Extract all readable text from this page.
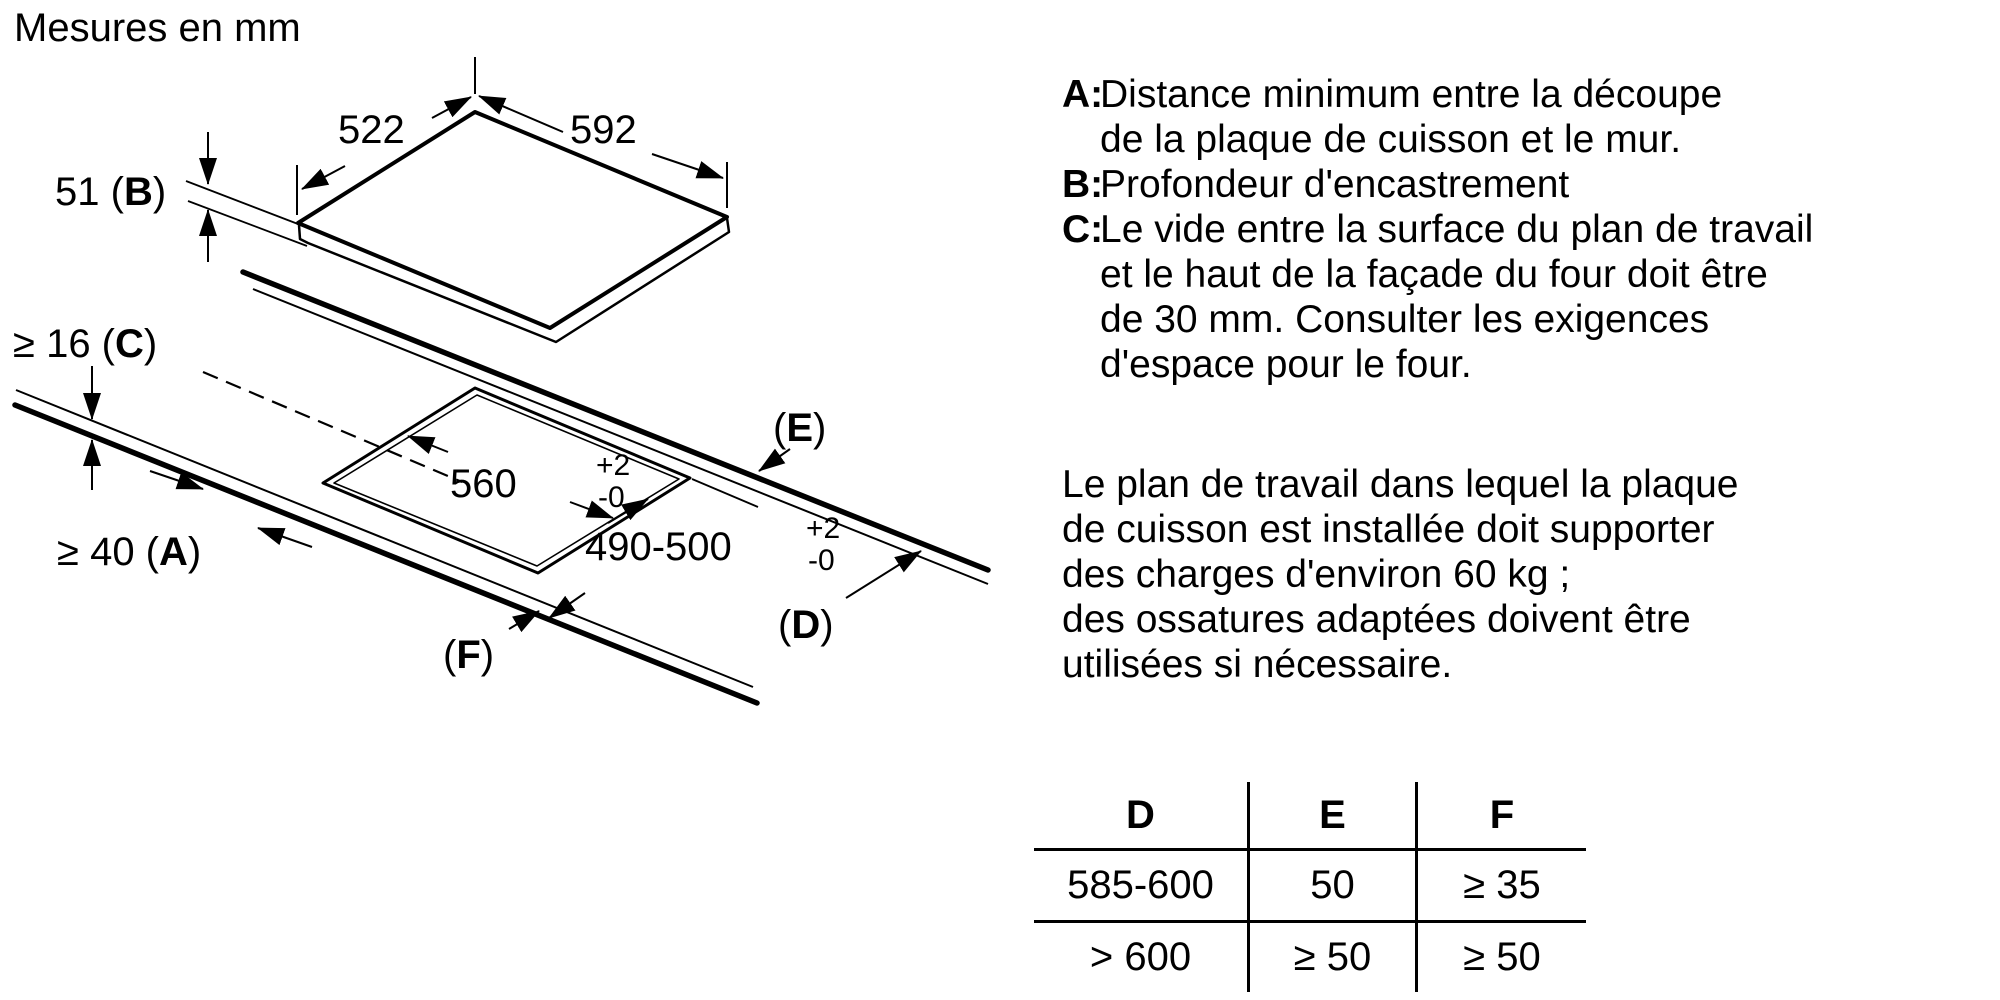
Mesures en mm
522	592
51 (B)
≥ 16 (C)
≥ 40 (A)
560	+2
-0
490-500 +2
-0
(E)
(D)
(F)
A:
Distance minimum entre la découpe
de la plaque de cuisson et le mur.
B:
Profondeur d'encastrement
C:
Le vide entre la surface du plan de travail
et le haut de la façade du four doit être
de 30 mm. Consulter les exigences
d'espace pour le four.
Le plan de travail dans lequel la plaque
de cuisson est installée doit supporter
des charges d'environ 60 kg ;
des ossatures adaptées doivent être
utilisées si nécessaire.
D	E	F
585-600	50	≥ 35
> 600	≥ 50	≥ 50
